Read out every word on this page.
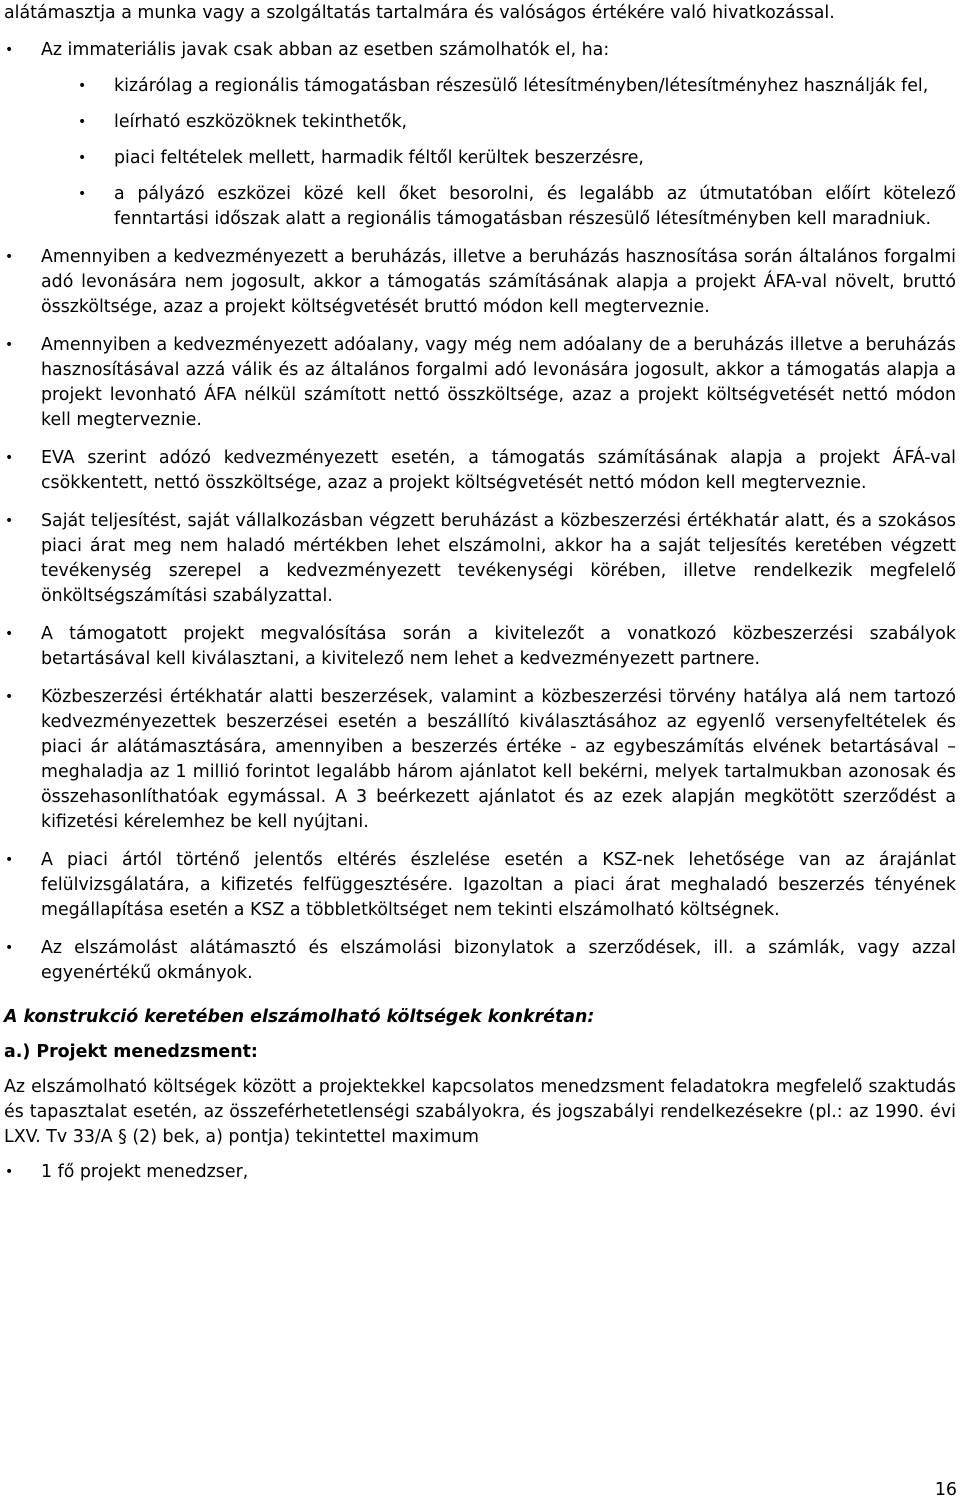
alátámasztja a munka vagy a szolgáltatás tartalmára és valóságos értékére való hivatkozással.

• Az immateriális javak csak abban az esetben számolhatók el, ha:
• kizárólag a regionális támogatásban részesülő létesítményben/létesítményhez használják fel,
• leírható eszközöknek tekinthetők,
• piaci feltételek mellett, harmadik féltől kerültek beszerzésre,
• a pályázó eszközei közé kell őket besorolni, és legalább az útmutatóban előírt kötelező fenntartási időszak alatt a regionális támogatásban részesülő létesítményben kell maradniuk.
• Amennyiben a kedvezményezett a beruházás, illetve a beruházás hasznosítása során általános forgalmi adó levonására nem jogosult, akkor a támogatás számításának alapja a projekt ÁFA-val növelt, bruttó összköltsége, azaz a projekt költségvetését bruttó módon kell megterveznie.
• Amennyiben a kedvezményezett adóalany, vagy még nem adóalany de a beruházás illetve a beruházás hasznosításával azzá válik és az általános forgalmi adó levonására jogosult, akkor a támogatás alapja a projekt levonható ÁFA nélkül számított nettó összköltsége, azaz a projekt költségvetését nettó módon kell megterveznie.
• EVA szerint adózó kedvezményezett esetén, a támogatás számításának alapja a projekt ÁFÁ-val csökkentett, nettó összköltsége, azaz a projekt költségvetését nettó módon kell megterveznie.
• Saját teljesítést, saját vállalkozásban végzett beruházást a közbeszerzési értékhatár alatt, és a szokásos piaci árat meg nem haladó mértékben lehet elszámolni, akkor ha a saját teljesítés keretében végzett tevékenység szerepel a kedvezményezett tevékenységi körében, illetve rendelkezik megfelelő önköltségszámítási szabályzattal.
• A támogatott projekt megvalósítása során a kivitelezőt a vonatkozó közbeszerzési szabályok betartásával kell kiválasztani, a kivitelező nem lehet a kedvezményezett partnere.
• Közbeszerzési értékhatár alatti beszerzések, valamint a közbeszerzési törvény hatálya alá nem tartozó kedvezményezettek beszerzései esetén a beszállító kiválasztásához az egyenlő versenyfeltételek és piaci ár alátámasztására, amennyiben a beszerzés értéke - az egybeszámítás elvének betartásával – meghaladja az 1 millió forintot legalább három ajánlatot kell bekérni, melyek tartalmukban azonosak és összehasonlíthatóak egymással. A 3 beérkezett ajánlatot és az ezek alapján megkötött szerződést a kifizetési kérelemhez be kell nyújtani.
• A piaci ártól történő jelentős eltérés észlelése esetén a KSZ-nek lehetősége van az árajánlat felülvizsgálatára, a kifizetés felfüggesztésére. Igazoltan a piaci árat meghaladó beszerzés tényének megállapítása esetén a KSZ a többletköltséget nem tekinti elszámolható költségnek.
• Az elszámolást alátámasztó és elszámolási bizonylatok a szerződések, ill. a számlák, vagy azzal egyenértékű okmányok.

A konstrukció keretében elszámolható költségek konkrétan:

a.) Projekt menedzsment:

Az elszámolható költségek között a projektekkel kapcsolatos menedzsment feladatokra megfelelő szaktudás és tapasztalat esetén, az összeférhetetlenségi szabályokra, és jogszabályi rendelkezésekre (pl.: az 1990. évi LXV. Tv 33/A § (2) bek, a) pontja) tekintettel maximum

• 1 fő projekt menedzser,
16
